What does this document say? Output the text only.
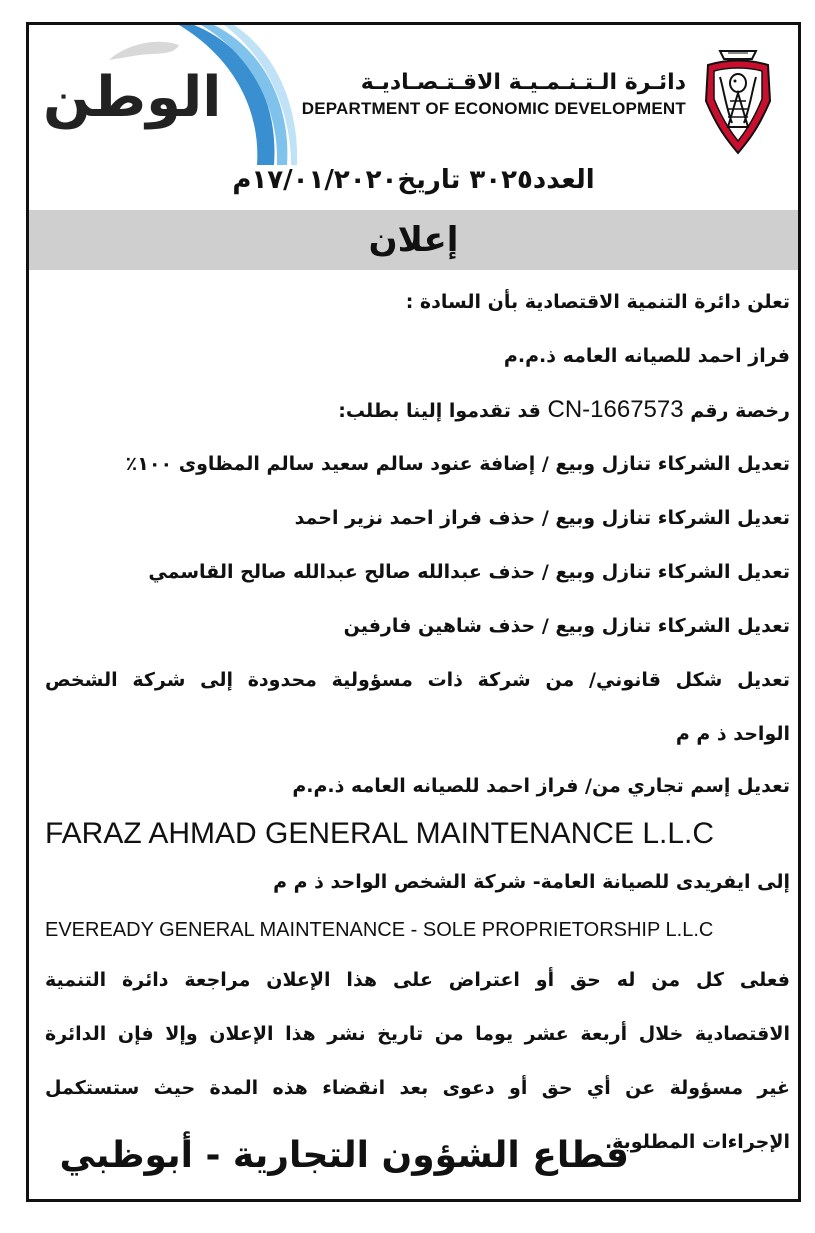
الوطن	دائـرة الـتـنـمـيـة الاقـتـصـاديـة
DEPARTMENT OF ECONOMIC DEVELOPMENT
العدد٣٠٢٥ تاريخ١٧/٠١/٢٠٢٠م
إعلان
تعلن دائرة التنمية الاقتصادية بأن السادة :
فراز احمد للصيانه العامه ذ.م.م
رخصة رقم CN-1667573 قد تقدموا إلينا بطلب:
تعديل الشركاء تنازل وبيع / إضافة عنود سالم سعيد سالم المظاوى ١٠٠٪
تعديل الشركاء تنازل وبيع / حذف فراز احمد نزير احمد
تعديل الشركاء تنازل وبيع / حذف عبدالله صالح عبدالله صالح القاسمي
تعديل الشركاء تنازل وبيع / حذف شاهين فارفين
تعديل شكل قانوني/ من شركة ذات مسؤولية محدودة إلى شركة الشخص
الواحد ذ م م
تعديل إسم تجاري من/ فراز احمد للصيانه العامه ذ.م.م
FARAZ AHMAD GENERAL MAINTENANCE L.L.C
إلى ايفريدى للصيانة العامة- شركة الشخص الواحد ذ م م
EVEREADY GENERAL MAINTENANCE - SOLE PROPRIETORSHIP L.L.C
فعلى كل من له حق أو اعتراض على هذا الإعلان مراجعة دائرة التنمية
الاقتصادية خلال أربعة عشر يوما من تاريخ نشر هذا الإعلان وإلا فإن الدائرة
غير مسؤولة عن أي حق أو دعوى بعد انقضاء هذه المدة حيث ستستكمل
الإجراءات المطلوبة.
قطاع الشؤون التجارية - أبوظبي
